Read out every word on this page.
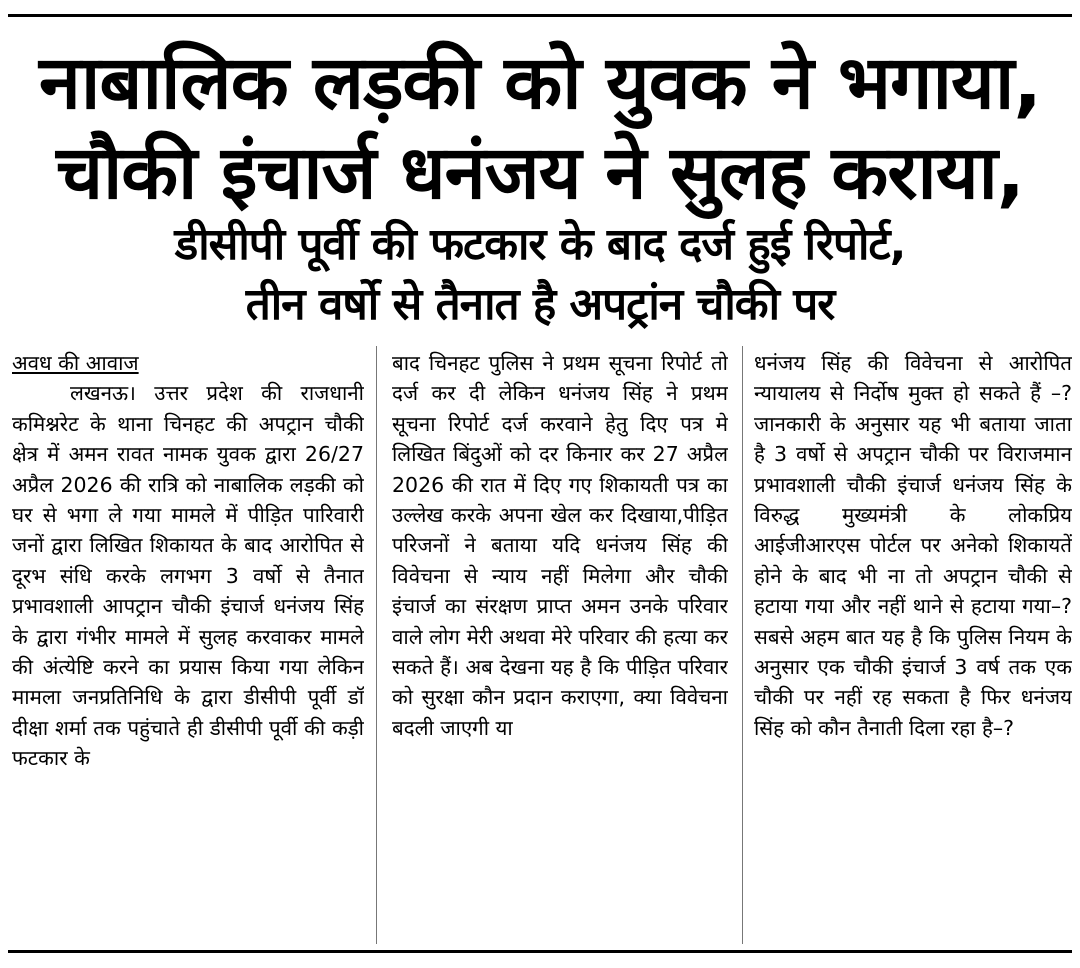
नाबालिक लड़की को युवक ने भगाया,
चौकी इंचार्ज धनंजय ने सुलह कराया,
डीसीपी पूर्वी की फटकार के बाद दर्ज हुई रिपोर्ट,
तीन वर्षो से तैनात है अपट्रांन चौकी पर
अवध की आवाज
लखनऊ। उत्तर प्रदेश की राजधानी कमिश्नरेट के थाना चिनहट की अपट्रान चौकी क्षेत्र में अमन रावत नामक युवक द्वारा 26/27 अप्रैल 2026 की रात्रि को नाबालिक लड़की को घर से भगा ले गया मामले में पीड़ित पारिवारी जनों द्वारा लिखित शिकायत के बाद आरोपित से दूरभ संधि करके लगभग 3 वर्षो से तैनात प्रभावशाली आपट्रान चौकी इंचार्ज धनंजय सिंह के द्वारा गंभीर मामले में सुलह करवाकर मामले की अंत्येष्टि करने का प्रयास किया गया लेकिन मामला जनप्रतिनिधि के द्वारा डीसीपी पूर्वी डॉ दीक्षा शर्मा तक पहुंचाते ही डीसीपी पूर्वी की कड़ी फटकार के
बाद चिनहट पुलिस ने प्रथम सूचना रिपोर्ट तो दर्ज कर दी लेकिन धनंजय सिंह ने प्रथम सूचना रिपोर्ट दर्ज करवाने हेतु दिए पत्र मे लिखित बिंदुओं को दर किनार कर 27 अप्रैल 2026 की रात में दिए गए शिकायती पत्र का उल्लेख करके अपना खेल कर दिखाया,पीड़ित परिजनों ने बताया यदि धनंजय सिंह की विवेचना से न्याय नहीं मिलेगा और चौकी इंचार्ज का संरक्षण प्राप्त अमन उनके परिवार वाले लोग मेरी अथवा मेरे परिवार की हत्या कर सकते हैं। अब देखना यह है कि पीड़ित परिवार को सुरक्षा कौन प्रदान कराएगा, क्या विवेचना बदली जाएगी या
धनंजय सिंह की विवेचना से आरोपित न्यायालय से निर्दोष मुक्त हो सकते हैं –? जानकारी के अनुसार यह भी बताया जाता है 3 वर्षो से अपट्रान चौकी पर विराजमान प्रभावशाली चौकी इंचार्ज धनंजय सिंह के विरुद्ध मुख्यमंत्री के लोकप्रिय आईजीआरएस पोर्टल पर अनेको शिकायतें होने के बाद भी ना तो अपट्रान चौकी से हटाया गया और नहीं थाने से हटाया गया–?सबसे अहम बात यह है कि पुलिस नियम के अनुसार एक चौकी इंचार्ज 3 वर्ष तक एक चौकी पर नहीं रह सकता है फिर धनंजय सिंह को कौन तैनाती दिला रहा है–?
